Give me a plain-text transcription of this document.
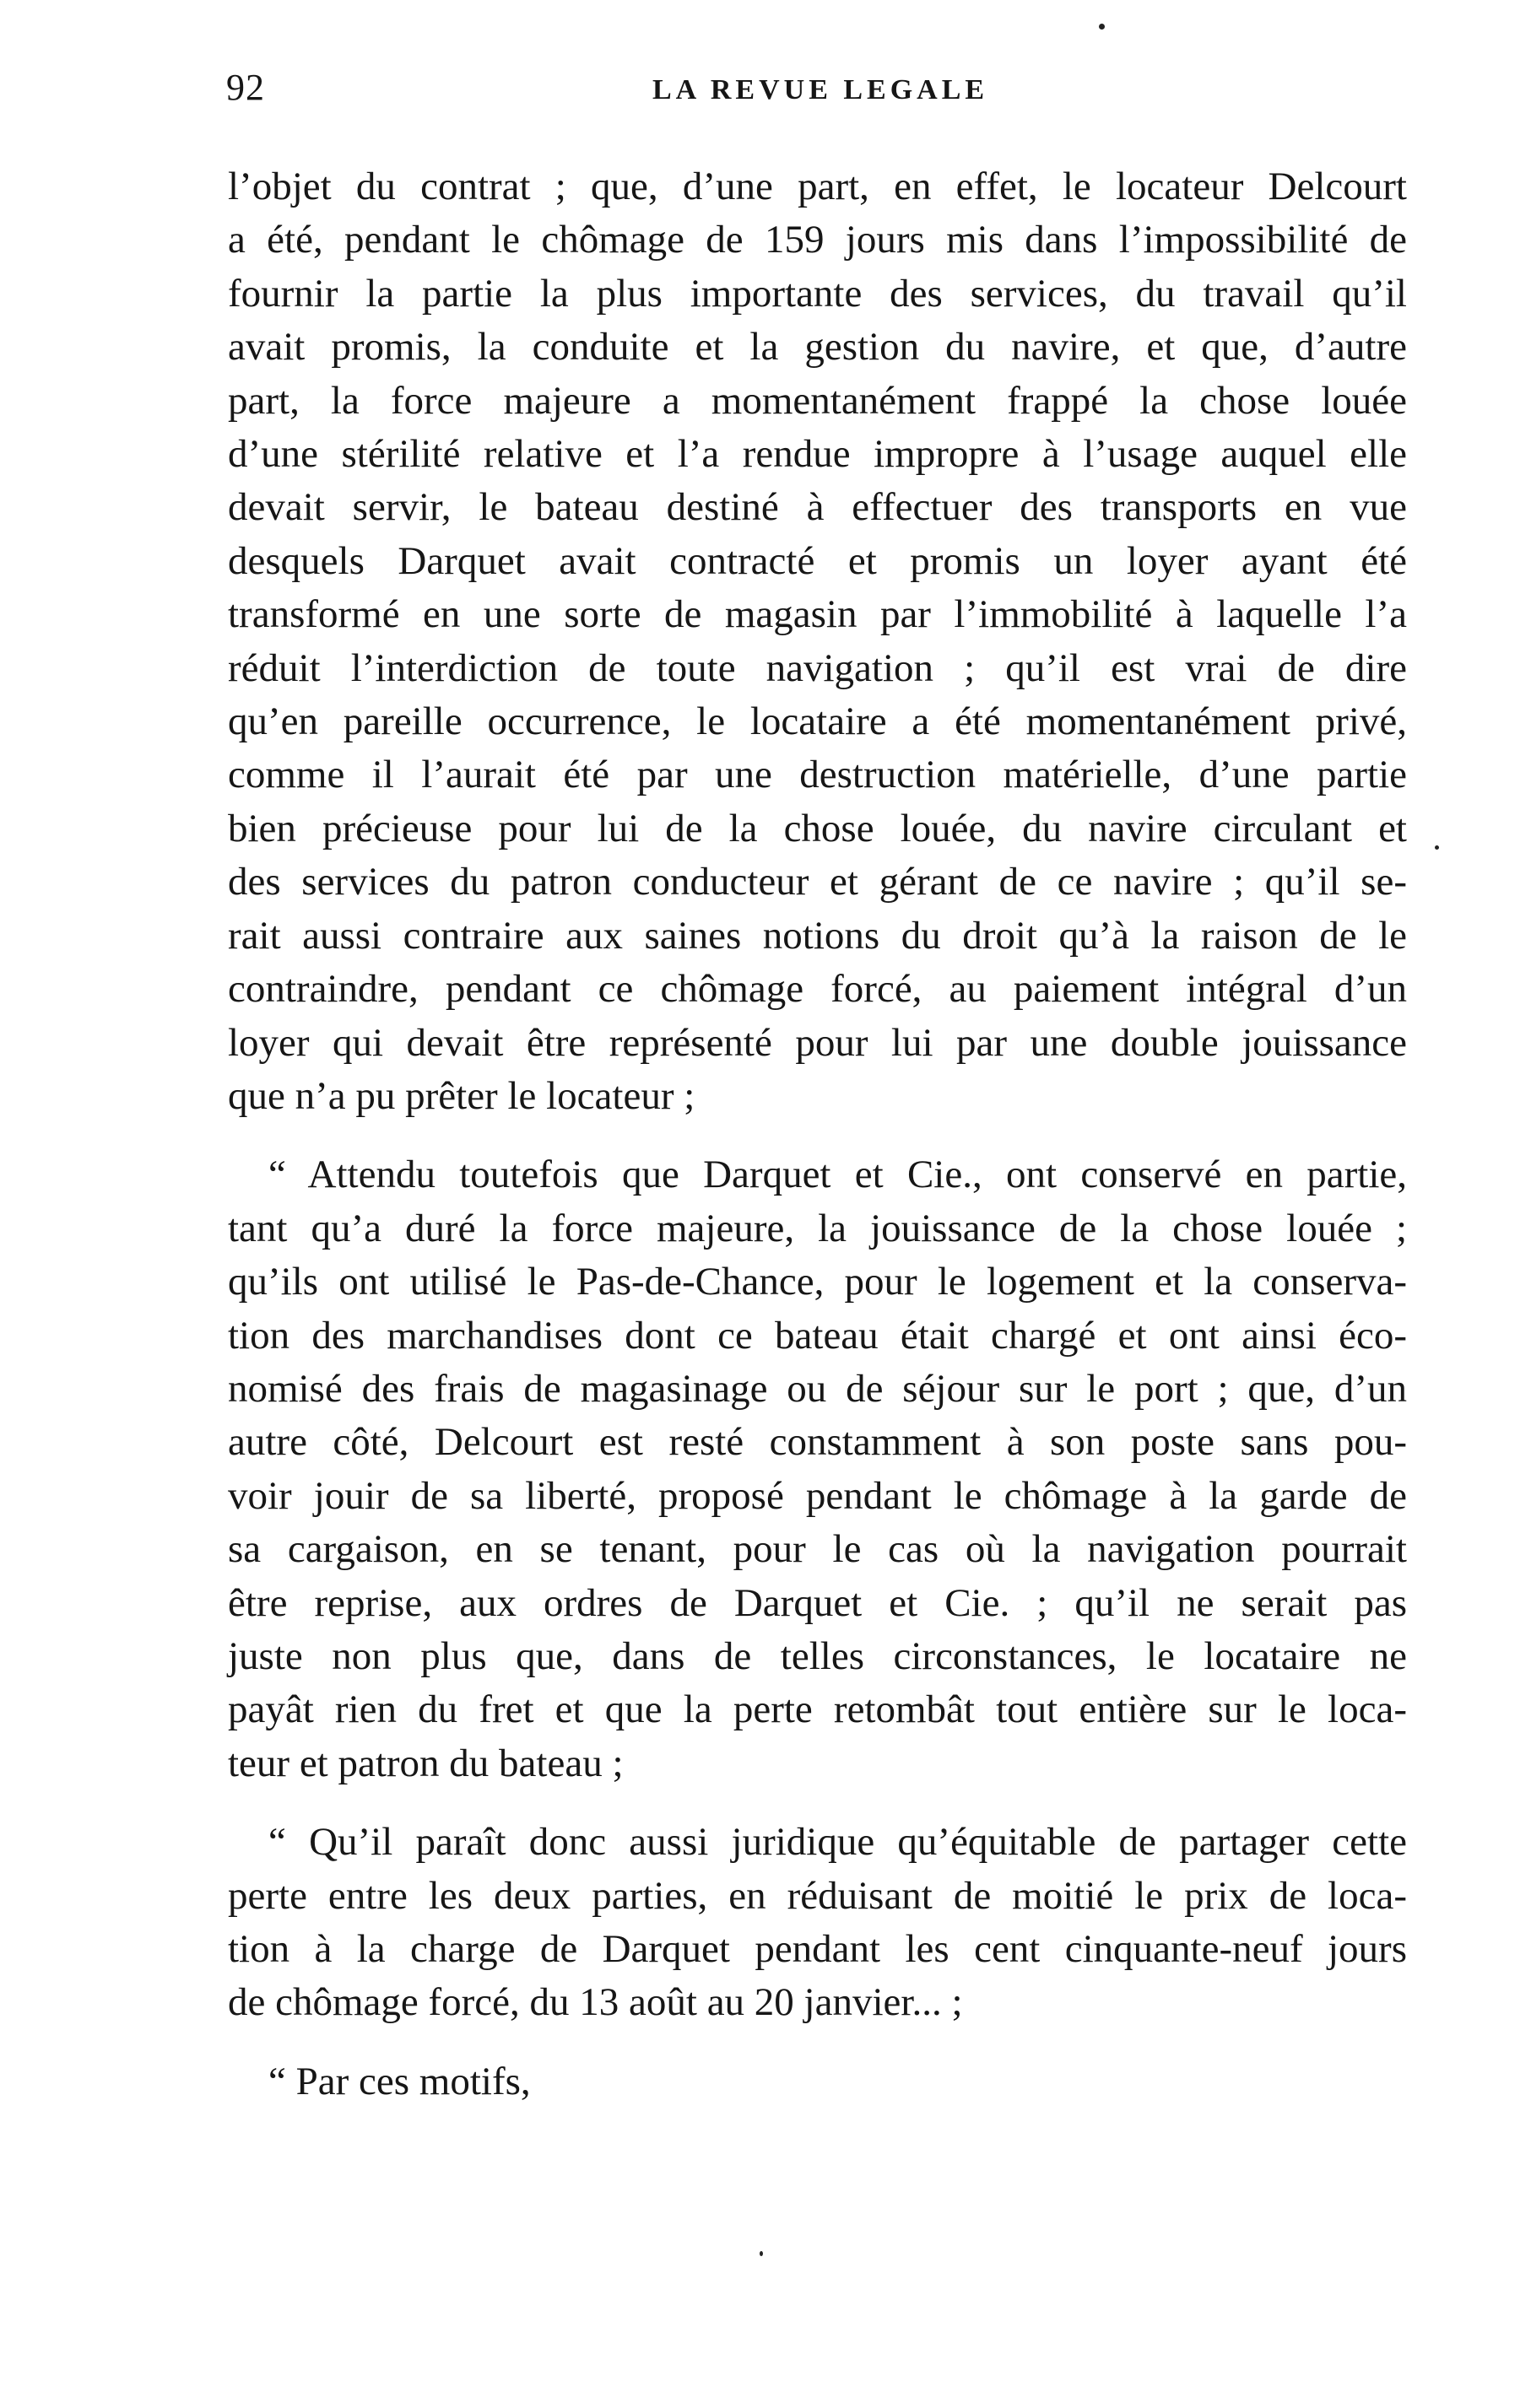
92	LA REVUE LEGALE

l’objet du contrat ; que, d’une part, en effet, le locateur Delcourt
a été, pendant le chômage de 159 jours mis dans l’impossibilité de
fournir la partie la plus importante des services, du travail qu’il
avait promis, la conduite et la gestion du navire, et que, d’autre
part, la force majeure a momentanément frappé la chose louée
d’une stérilité relative et l’a rendue impropre à l’usage auquel elle
devait servir, le bateau destiné à effectuer des transports en vue
desquels Darquet avait contracté et promis un loyer ayant été
transformé en une sorte de magasin par l’immobilité à laquelle l’a
réduit l’interdiction de toute navigation ; qu’il est vrai de dire
qu’en pareille occurrence, le locataire a été momentanément privé,
comme il l’aurait été par une destruction matérielle, d’une partie
bien précieuse pour lui de la chose louée, du navire circulant et
des services du patron conducteur et gérant de ce navire ; qu’il se-
rait aussi contraire aux saines notions du droit qu’à la raison de le
contraindre, pendant ce chômage forcé, au paiement intégral d’un
loyer qui devait être représenté pour lui par une double jouissance
que n’a pu prêter le locateur ;

“ Attendu toutefois que Darquet et Cie., ont conservé en partie,
tant qu’a duré la force majeure, la jouissance de la chose louée ;
qu’ils ont utilisé le Pas-de-Chance, pour le logement et la conserva-
tion des marchandises dont ce bateau était chargé et ont ainsi éco-
nomisé des frais de magasinage ou de séjour sur le port ; que, d’un
autre côté, Delcourt est resté constamment à son poste sans pou-
voir jouir de sa liberté, proposé pendant le chômage à la garde de
sa cargaison, en se tenant, pour le cas où la navigation pourrait
être reprise, aux ordres de Darquet et Cie. ; qu’il ne serait pas
juste non plus que, dans de telles circonstances, le locataire ne
payât rien du fret et que la perte retombât tout entière sur le loca-
teur et patron du bateau ;

“ Qu’il paraît donc aussi juridique qu’équitable de partager cette
perte entre les deux parties, en réduisant de moitié le prix de loca-
tion à la charge de Darquet pendant les cent cinquante-neuf jours
de chômage forcé, du 13 août au 20 janvier... ;

“ Par ces motifs,
